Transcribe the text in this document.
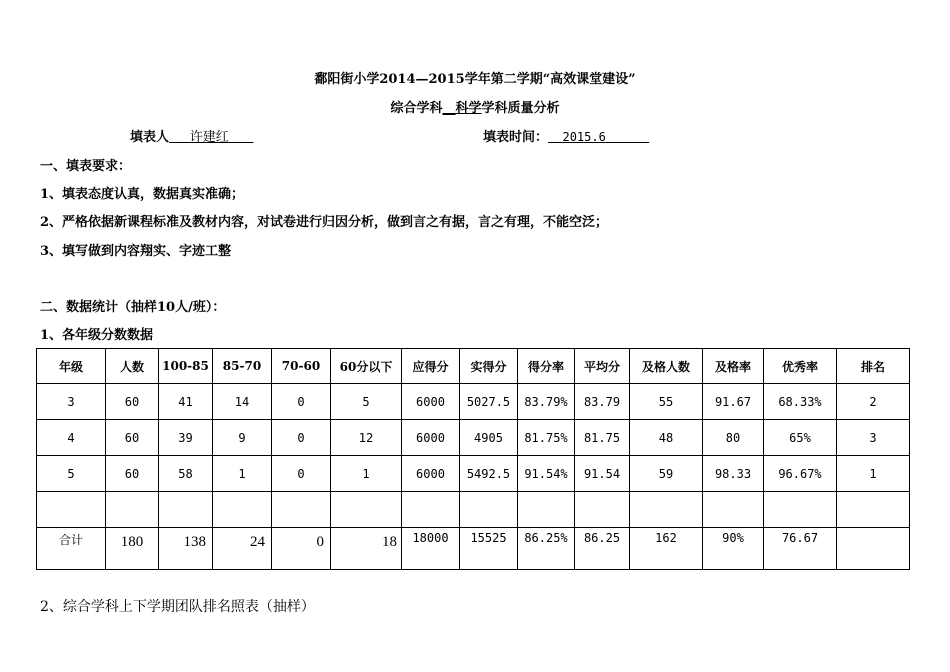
鄱阳街小学2014—2015学年第二学期“高效课堂建设”
综合学科__科学学科质量分析
填表人 许建红	填表时间： 2015.6
一、填表要求：
1、填表态度认真，数据真实准确；
2、严格依据新课程标准及教材内容，对试卷进行归因分析，做到言之有据，言之有理，不能空泛；
3、填写做到内容翔实、字迹工整
二、数据统计（抽样10人/班）：
1、各年级分数数据
年级	人数	100-85	85-70	70-60	60分以下	应得分	实得分	得分率	平均分	及格人数	及格率	优秀率	排名
3	60	41	14	0	5	6000	5027.5	83.79%	83.79	55	91.67	68.33%	2
4	60	39	9	0	12	6000	4905	81.75%	81.75	48	80	65%	3
5	60	58	1	0	1	6000	5492.5	91.54%	91.54	59	98.33	96.67%	1

合计	180	138	24	0	18	18000	15525	86.25%	86.25	162	90%	76.67	
2、综合学科上下学期团队排名照表（抽样）
